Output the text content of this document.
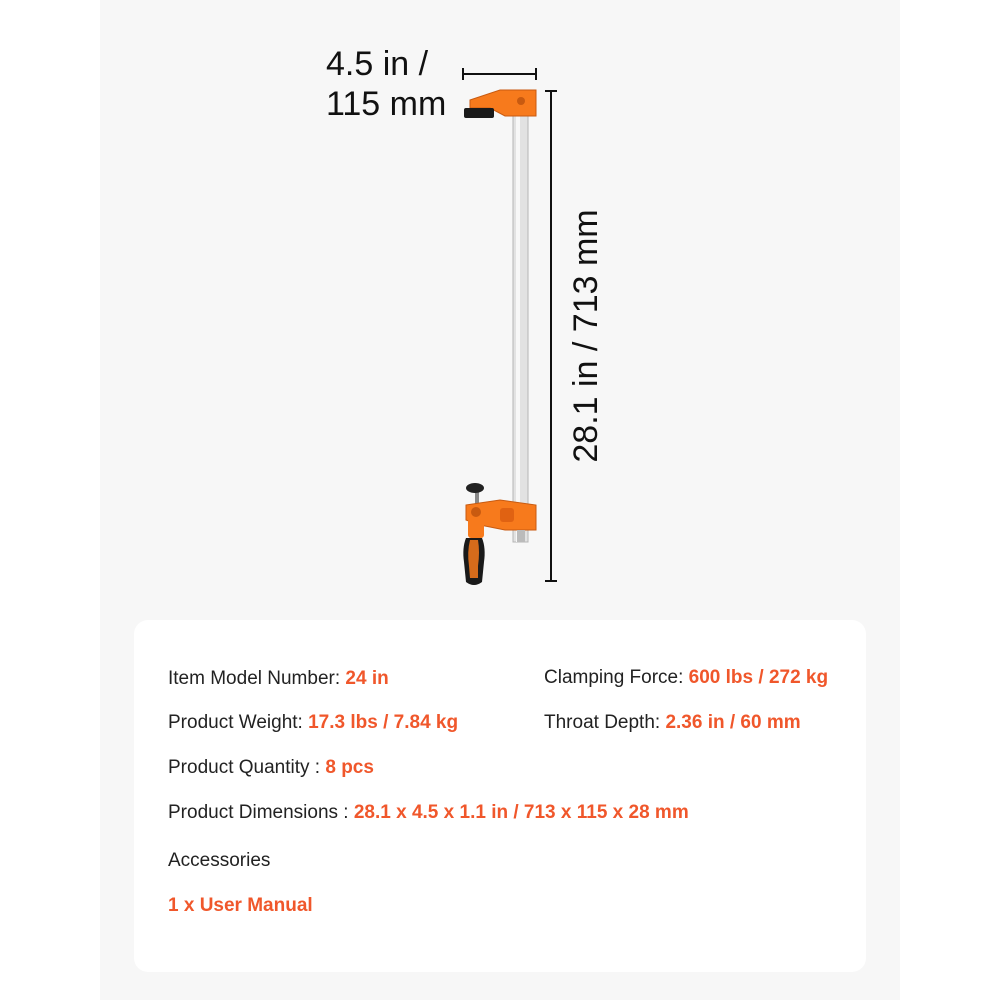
4.5 in /
115 mm
28.1 in / 713 mm
Item Model Number: 24 in	Clamping Force: 600 lbs / 272 kg
Product Weight: 17.3 lbs / 7.84 kg	Throat Depth: 2.36 in / 60 mm
Product Quantity : 8 pcs
Product Dimensions : 28.1 x 4.5 x 1.1 in / 713 x 115 x 28 mm
Accessories
1 x User Manual
